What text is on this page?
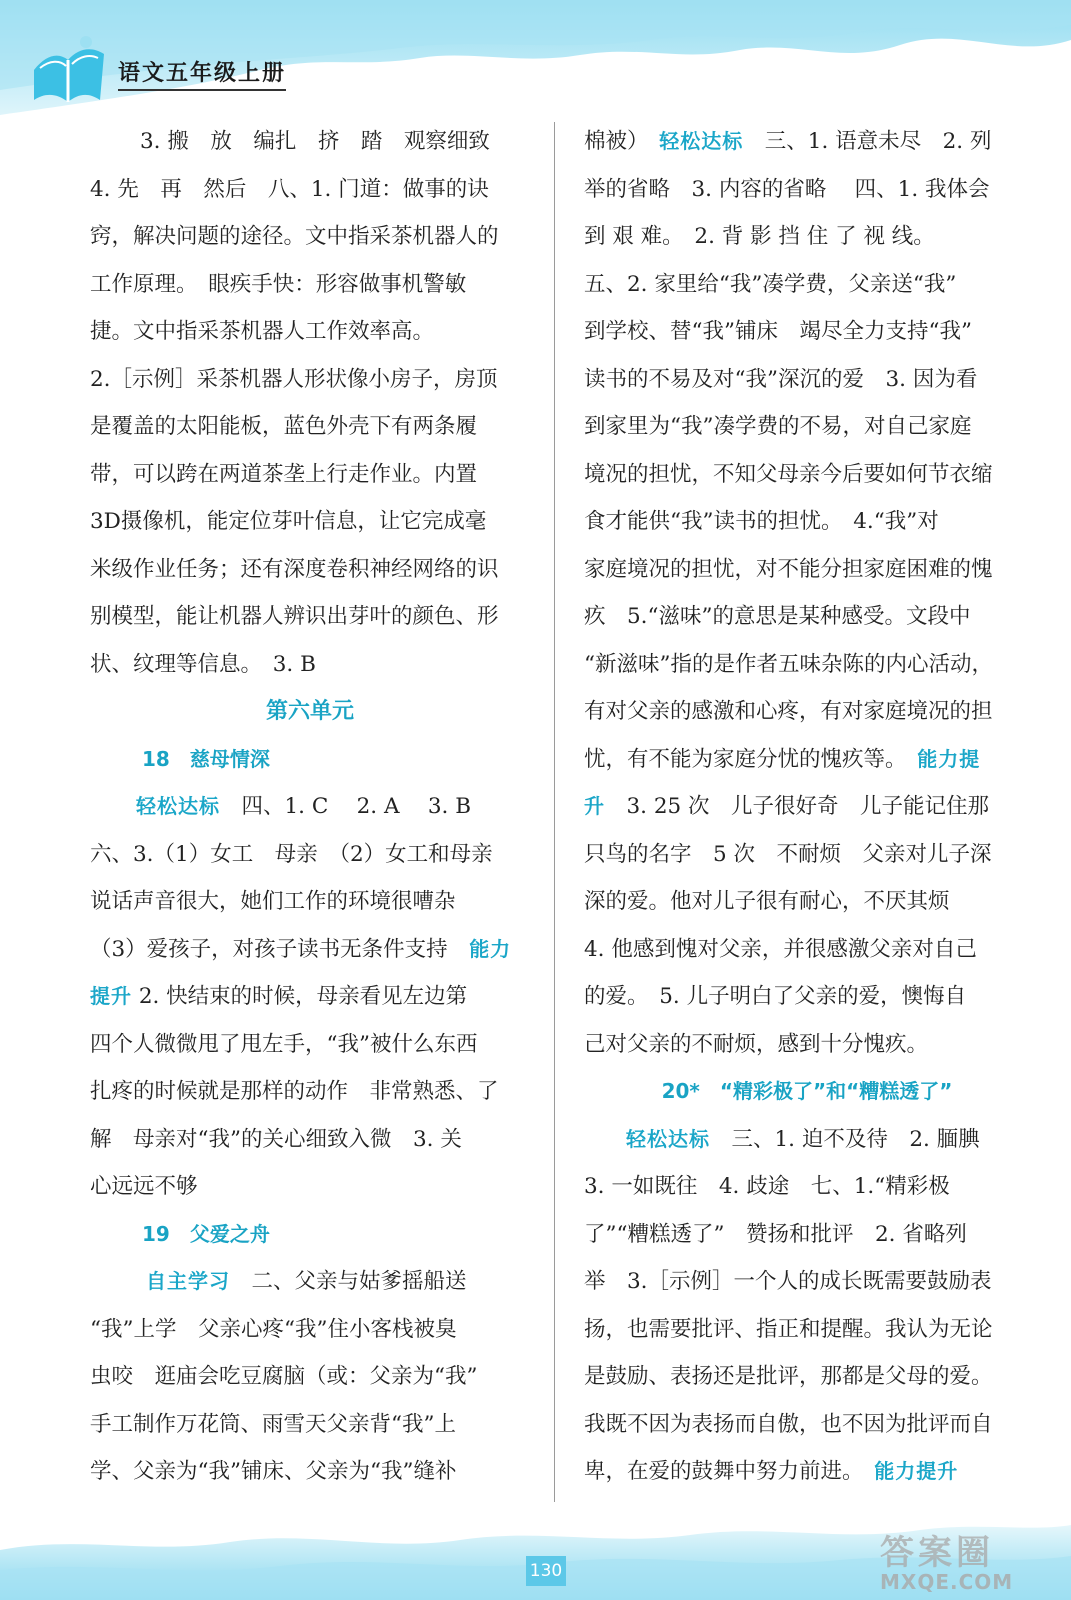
语文五年级上册

3. 搬　放　编扎　挤　踏　观察细致

4. 先　再　然后　八、1. 门道：做事的诀

窍，解决问题的途径。文中指采茶机器人的

工作原理。　眼疾手快：形容做事机警敏

捷。文中指采茶机器人工作效率高。

2.［示例］采茶机器人形状像小房子，房顶

是覆盖的太阳能板，蓝色外壳下有两条履

带，可以跨在两道茶垄上行走作业。内置

3D摄像机，能定位芽叶信息，让它完成毫

米级作业任务；还有深度卷积神经网络的识

别模型，能让机器人辨识出芽叶的颜色、形

状、纹理等信息。　3. B

第六单元

18　慈母情深

轻松达标　四、1. C　 2. A　 3. B

六、3.（1）女工　母亲　（2）女工和母亲

说话声音很大，她们工作的环境很嘈杂

（3）爱孩子，对孩子读书无条件支持　能力

提升 2. 快结束的时候，母亲看见左边第

四个人微微甩了甩左手，“我”被什么东西

扎疼的时候就是那样的动作　非常熟悉、了

解　母亲对“我”的关心细致入微　3. 关

心远远不够

19　父爱之舟

自主学习　二、父亲与姑爹摇船送

“我”上学　父亲心疼“我”住小客栈被臭

虫咬　逛庙会吃豆腐脑（或：父亲为“我”

手工制作万花筒、雨雪天父亲背“我”上

学、父亲为“我”铺床、父亲为“我”缝补

棉被）　轻松达标　三、1. 语意未尽　2. 列

举的省略　3. 内容的省略　 四、1. 我体会

到 艰 难。　2. 背 影 挡 住 了 视 线。

五、2. 家里给“我”凑学费，父亲送“我”

到学校、替“我”铺床　竭尽全力支持“我”

读书的不易及对“我”深沉的爱　3. 因为看

到家里为“我”凑学费的不易，对自己家庭

境况的担忧，不知父母亲今后要如何节衣缩

食才能供“我”读书的担忧。　4.“我”对

家庭境况的担忧，对不能分担家庭困难的愧

疚　5.“滋味”的意思是某种感受。文段中

“新滋味”指的是作者五味杂陈的内心活动，

有对父亲的感激和心疼，有对家庭境况的担

忧，有不能为家庭分忧的愧疚等。　能力提

升　3. 25 次　儿子很好奇　儿子能记住那

只鸟的名字　5 次　不耐烦　父亲对儿子深

深的爱。他对儿子很有耐心，不厌其烦

4. 他感到愧对父亲，并很感激父亲对自己

的爱。　5. 儿子明白了父亲的爱，懊悔自

己对父亲的不耐烦，感到十分愧疚。

20*　“精彩极了”和“糟糕透了”

轻松达标　三、1. 迫不及待　2. 腼腆

3. 一如既往　4. 歧途　七、1.“精彩极

了”“糟糕透了”　赞扬和批评　2. 省略列

举　3.［示例］一个人的成长既需要鼓励表

扬，也需要批评、指正和提醒。我认为无论

是鼓励、表扬还是批评，那都是父母的爱。

我既不因为表扬而自傲，也不因为批评而自

卑，在爱的鼓舞中努力前进。　能力提升

130	答案圈
MXQE.COM
